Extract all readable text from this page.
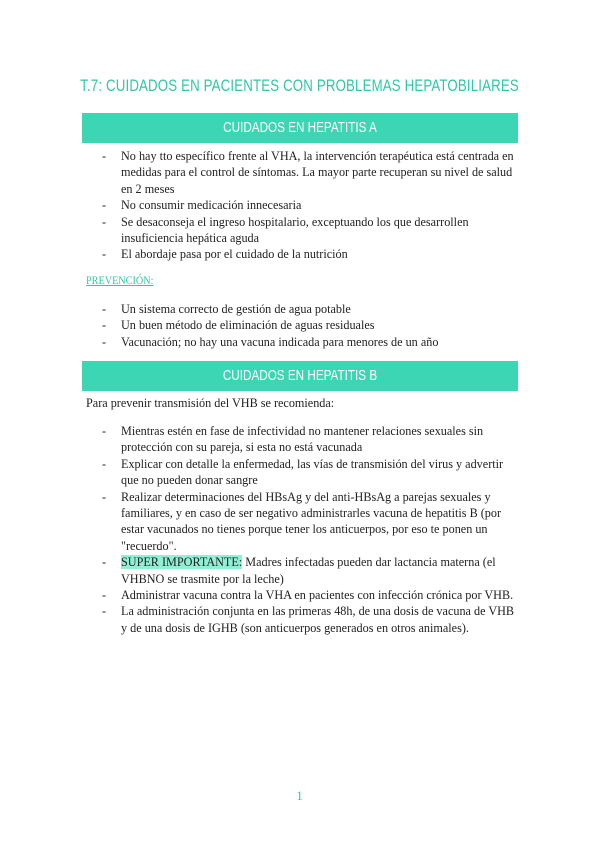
T.7: CUIDADOS EN PACIENTES CON PROBLEMAS HEPATOBILIARES
CUIDADOS EN HEPATITIS A
- No hay tto específico frente al VHA, la intervención terapéutica está centrada en medidas para el control de síntomas. La mayor parte recuperan su nivel de salud en 2 meses
- No consumir medicación innecesaria
- Se desaconseja el ingreso hospitalario, exceptuando los que desarrollen insuficiencia hepática aguda
- El abordaje pasa por el cuidado de la nutrición
PREVENCIÓN:
- Un sistema correcto de gestión de agua potable
- Un buen método de eliminación de aguas residuales
- Vacunación; no hay una vacuna indicada para menores de un año
CUIDADOS EN HEPATITIS B
Para prevenir transmisión del VHB se recomienda:
- Mientras estén en fase de infectividad no mantener relaciones sexuales sin protección con su pareja, si esta no está vacunada
- Explicar con detalle la enfermedad, las vías de transmisión del virus y advertir que no pueden donar sangre
- Realizar determinaciones del HBsAg y del anti-HBsAg a parejas sexuales y familiares, y en caso de ser negativo administrarles vacuna de hepatitis B (por estar vacunados no tienes porque tener los anticuerpos, por eso te ponen un "recuerdo".
- SUPER IMPORTANTE: Madres infectadas pueden dar lactancia materna (el VHBNO se trasmite por la leche)
- Administrar vacuna contra la VHA en pacientes con infección crónica por VHB.
- La administración conjunta en las primeras 48h, de una dosis de vacuna de VHB y de una dosis de IGHB (son anticuerpos generados en otros animales).
1
